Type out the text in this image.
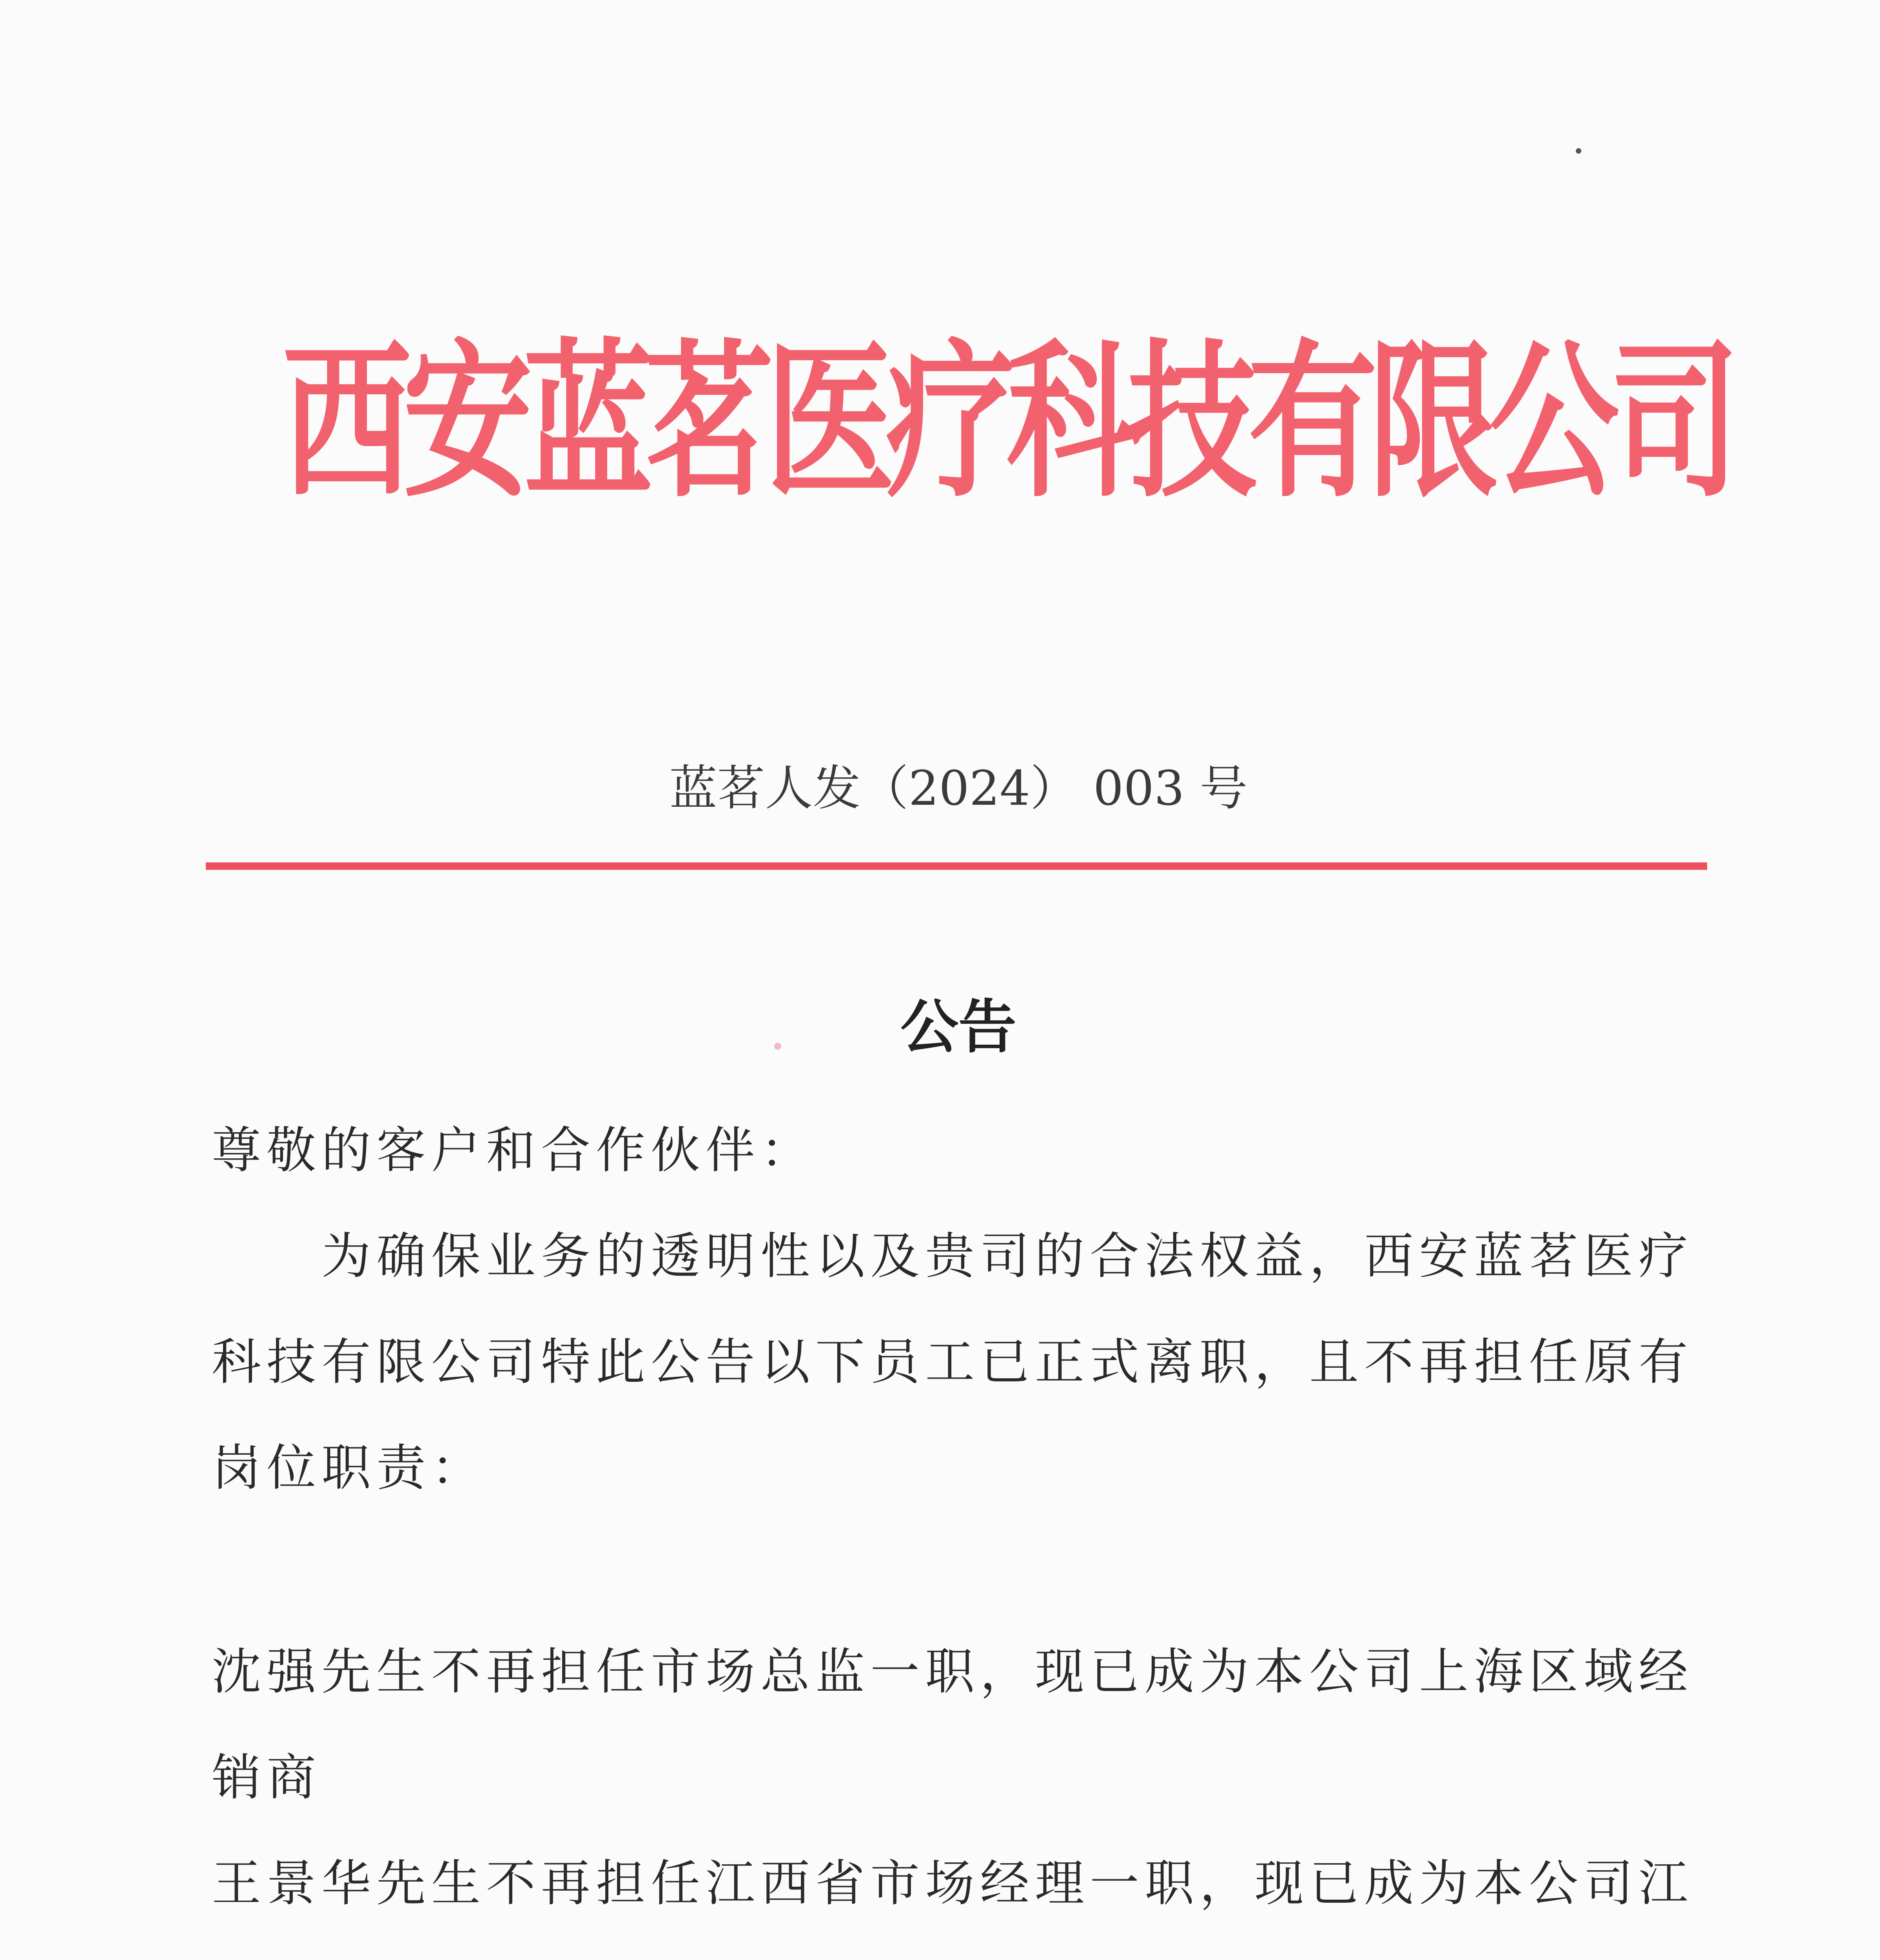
西安蓝茗医疗科技有限公司
蓝茗人发（2024） 003 号
公告
尊敬的客户和合作伙伴：
为确保业务的透明性以及贵司的合法权益，西安蓝茗医疗科技有限公司特此公告以下员工已正式离职，且不再担任原有岗位职责：
沈强先生不再担任市场总监一职，现已成为本公司上海区域经销商
王景华先生不再担任江西省市场经理一职，现已成为本公司江
